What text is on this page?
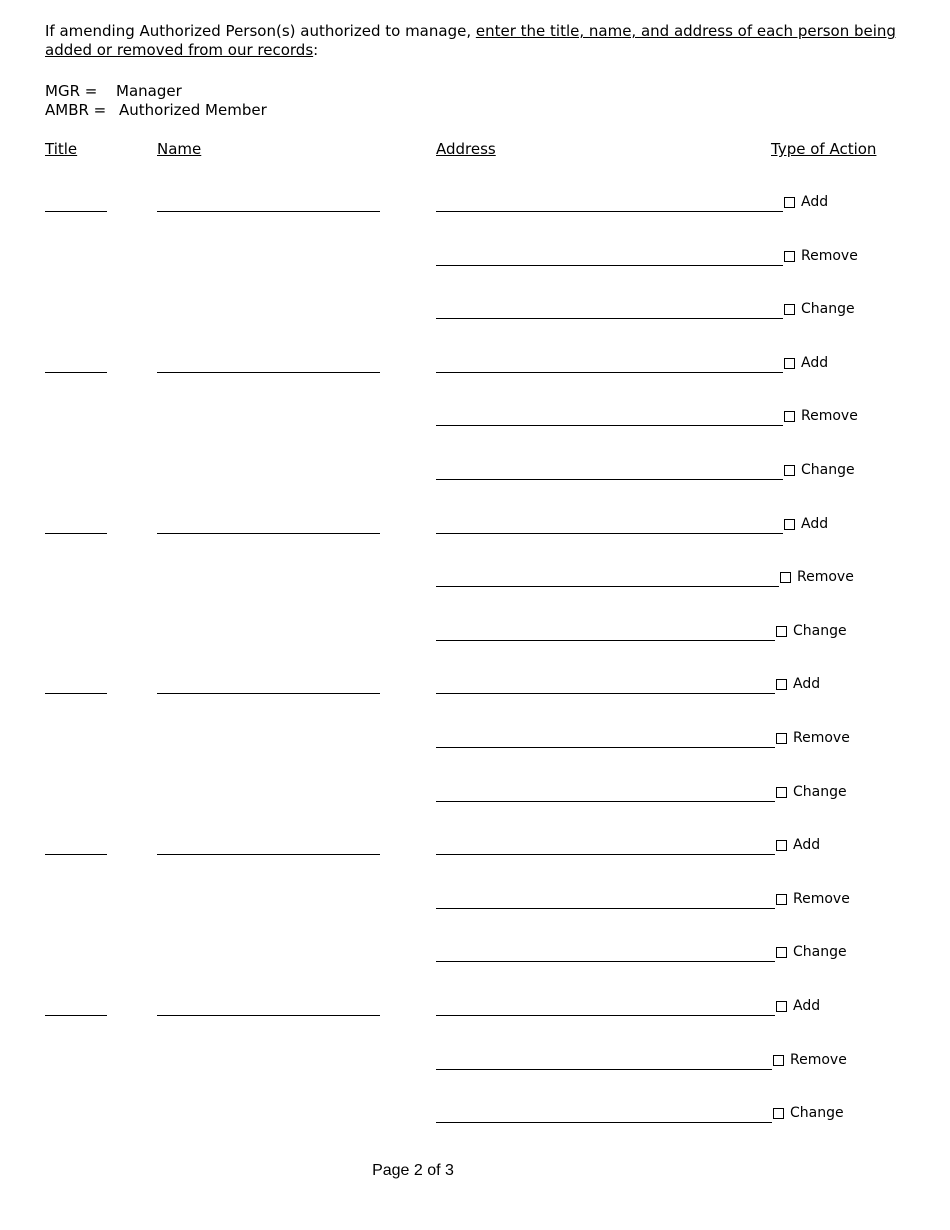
If amending Authorized Person(s) authorized to manage, enter the title, name, and address of each person being added or removed from our records:
MGR = Manager
AMBR = Authorized Member
Title	Name	Address	Type of Action
Add
Remove
Change
Add
Remove
Change
Add
Remove
Change
Add
Remove
Change
Add
Remove
Change
Add
Remove
Change
Page 2 of 3
